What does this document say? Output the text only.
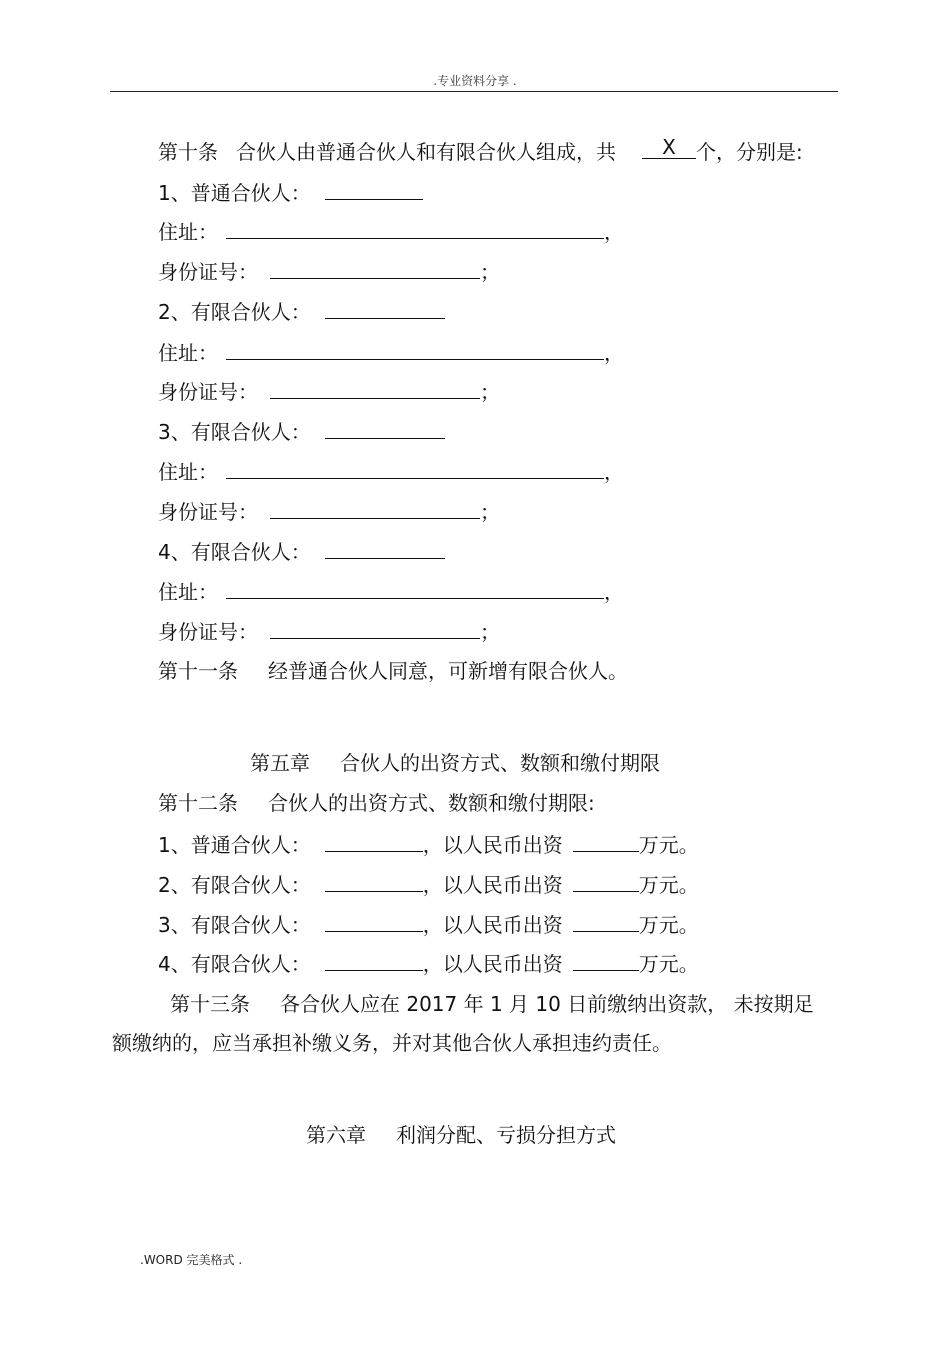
.专业资料分享 .
第十条 合伙人由普通合伙人和有限合伙人组成，共	X	个，分别是:
1、普通合伙人：
住址：	，
身份证号：	；
2、有限合伙人：
住址：	，
身份证号：	；
3、有限合伙人：
住址：	，
身份证号：	；
4、有限合伙人：
住址：	，
身份证号：	；
第十一条 经普通合伙人同意，可新增有限合伙人。
第五章 合伙人的出资方式、数额和缴付期限
第十二条 合伙人的出资方式、数额和缴付期限:
1、普通合伙人：	，以人民币出资	万元。
2、有限合伙人：	，以人民币出资	万元。
3、有限合伙人：	，以人民币出资	万元。
4、有限合伙人：	，以人民币出资	万元。
第十三条 各合伙人应在 2017 年 1 月 10 日前缴纳出资款， 未按期足
额缴纳的，应当承担补缴义务，并对其他合伙人承担违约责任。
第六章 利润分配、亏损分担方式
.WORD 完美格式 .
